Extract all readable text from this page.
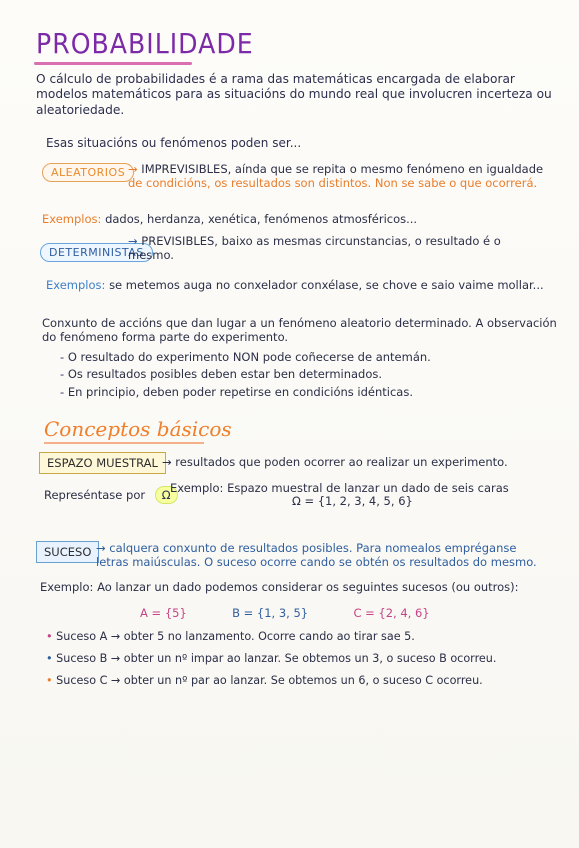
PROBABILIDADE
O cálculo de probabilidades é a rama das matemáticas encargada de elaborar modelos matemáticos para as situacións do mundo real que involucren incerteza ou aleatoriedade.
Esas situacións ou fenómenos poden ser...
ALEATORIOS → IMPREVISIBLES, aínda que se repita o mesmo fenómeno en igualdade
de condicións, os resultados son distintos. Non se sabe o que ocorrerá.
Exemplos: dados, herdanza, xenética, fenómenos atmosféricos...
DETERMINISTAS
→ PREVISIBLES, baixo as mesmas circunstancias, o resultado é o mesmo.
Exemplos: se metemos auga no conxelador conxélase, se chove e saio vaime mollar...
Conxunto de accións que dan lugar a un fenómeno aleatorio determinado. A observación
do fenómeno forma parte do experimento.
- O resultado do experimento NON pode coñecerse de antemán.
- Os resultados posibles deben estar ben determinados.
- En principio, deben poder repetirse en condicións idénticas.
Conceptos básicos
ESPAZO MUESTRAL → resultados que poden ocorrer ao realizar un experimento.
Represéntase por Ω Exemplo: Espazo muestral de lanzar un dado de seis caras
Ω = {1, 2, 3, 4, 5, 6}
SUCESO → calquera conxunto de resultados posibles. Para nomealos empréganse
letras maiúsculas. O suceso ocorre cando se obtén os resultados do mesmo.
Exemplo: Ao lanzar un dado podemos considerar os seguintes sucesos (ou outros):
A = {5}	B = {1, 3, 5}	C = {2, 4, 6}
• Suceso A → obter 5 no lanzamento. Ocorre cando ao tirar sae 5.
• Suceso B → obter un nº impar ao lanzar. Se obtemos un 3, o suceso B ocorreu.
• Suceso C → obter un nº par ao lanzar. Se obtemos un 6, o suceso C ocorreu.
